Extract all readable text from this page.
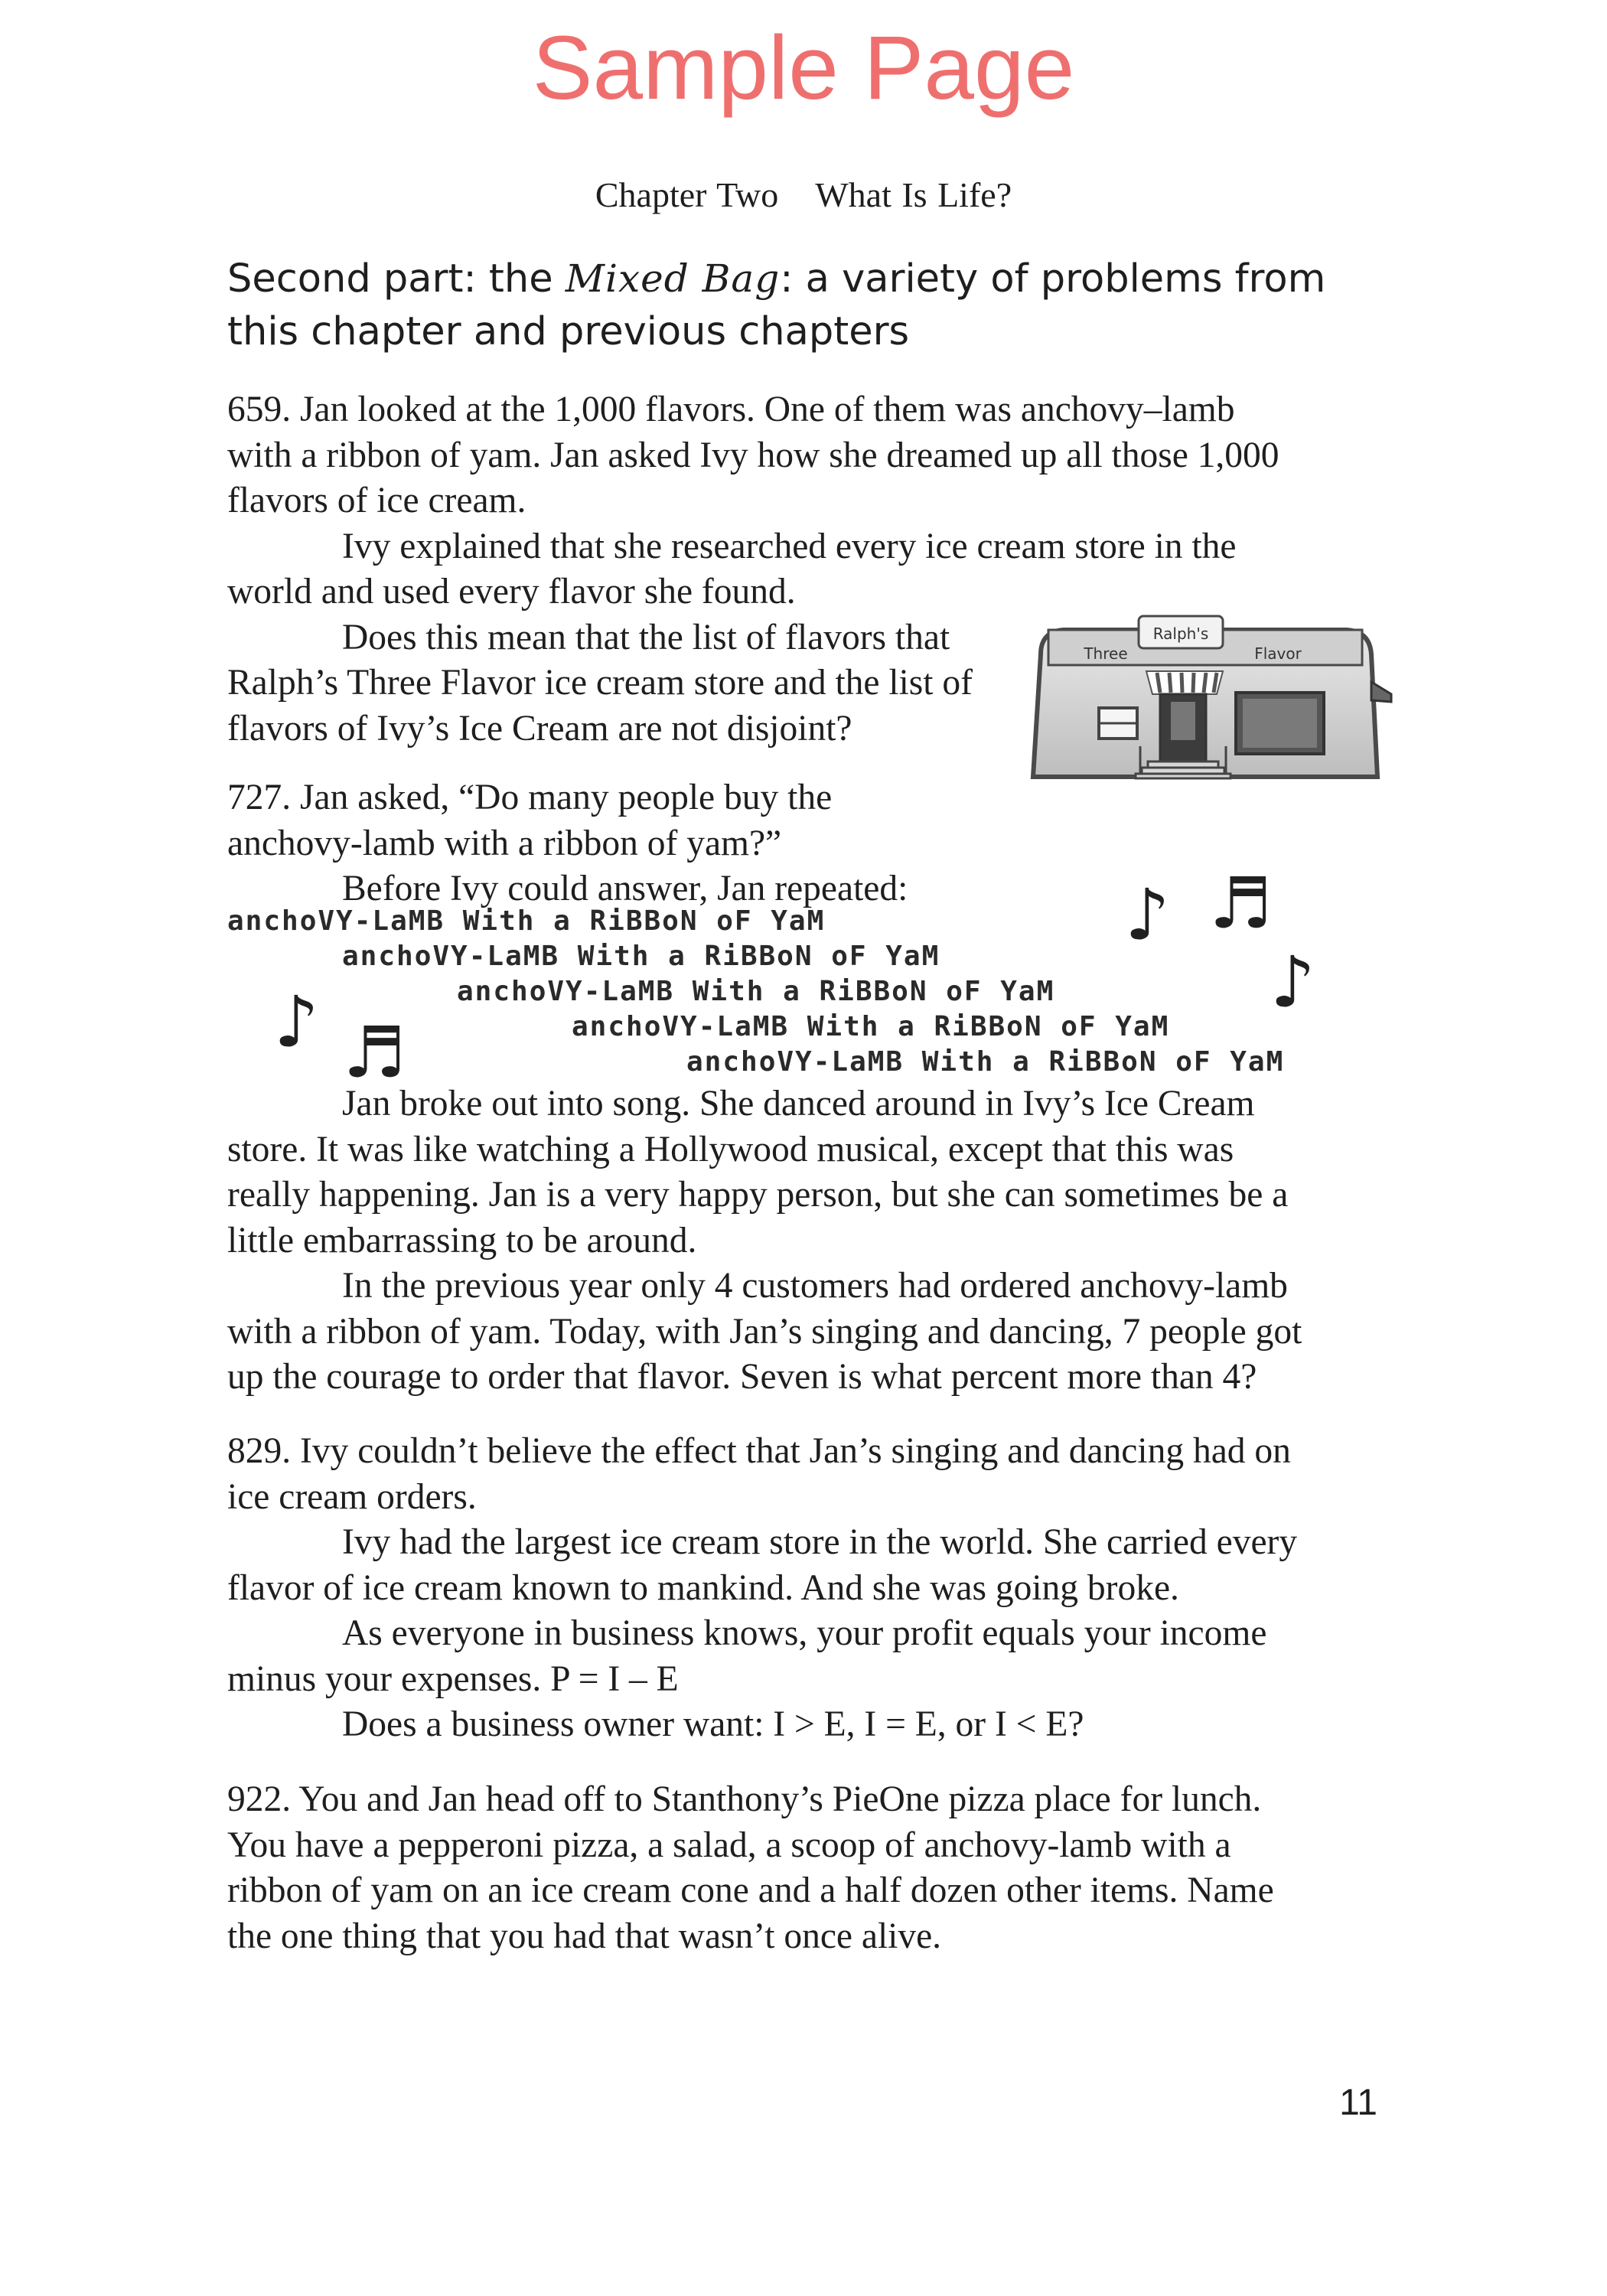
Sample Page
Chapter Two What Is Life?
Second part: the Mixed Bag: a variety of problems from
this chapter and previous chapters

659. Jan looked at the 1,000 flavors. One of them was anchovy–lamb

with a ribbon of yam. Jan asked Ivy how she dreamed up all those 1,000

flavors of ice cream.

Ivy explained that she researched every ice cream store in the

world and used every flavor she found.

Does this mean that the list of flavors that

Ralph’s Three Flavor ice cream store and the list of

flavors of Ivy’s Ice Cream are not disjoint?

Ralph's
Three	Flavor

727. Jan asked, “Do many people buy the

anchovy-lamb with a ribbon of yam?”

Before Ivy could answer, Jan repeated:

anchoVY-LaMB With a RiBBoN oF YaM
anchoVY-LaMB With a RiBBoN oF YaM
anchoVY-LaMB With a RiBBoN oF YaM
anchoVY-LaMB With a RiBBoN oF YaM
anchoVY-LaMB With a RiBBoN oF YaM
♪ ♬
♪
♪ ♬

Jan broke out into song. She danced around in Ivy’s Ice Cream

store. It was like watching a Hollywood musical, except that this was

really happening. Jan is a very happy person, but she can sometimes be a

little embarrassing to be around.

In the previous year only 4 customers had ordered anchovy-lamb

with a ribbon of yam. Today, with Jan’s singing and dancing, 7 people got

up the courage to order that flavor. Seven is what percent more than 4?

829. Ivy couldn’t believe the effect that Jan’s singing and dancing had on

ice cream orders.

Ivy had the largest ice cream store in the world. She carried every

flavor of ice cream known to mankind. And she was going broke.

As everyone in business knows, your profit equals your income

minus your expenses. P = I – E

Does a business owner want: I > E, I = E, or I < E?

922. You and Jan head off to Stanthony’s PieOne pizza place for lunch.

You have a pepperoni pizza, a salad, a scoop of anchovy-lamb with a

ribbon of yam on an ice cream cone and a half dozen other items. Name

the one thing that you had that wasn’t once alive.

11
